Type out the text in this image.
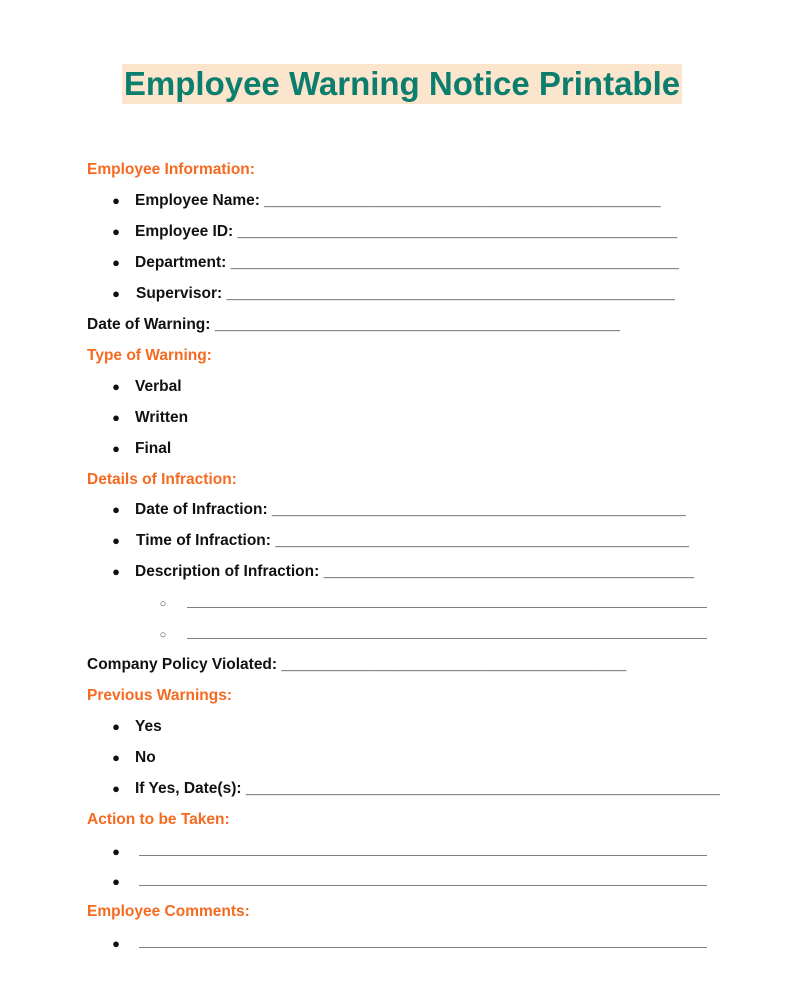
Employee Warning Notice Printable
Employee Information:
● Employee Name: ______________________________________________
● Employee ID: ___________________________________________________
● Department: ____________________________________________________
● Supervisor: ____________________________________________________
Date of Warning: _______________________________________________
Type of Warning:
● Verbal
● Written
● Final
Details of Infraction:
● Date of Infraction: ________________________________________________
● Time of Infraction: ________________________________________________
● Description of Infraction: ___________________________________________
○
○
Company Policy Violated: ________________________________________
Previous Warnings:
● Yes
● No
● If Yes, Date(s): _______________________________________________________
Action to be Taken:
●
●
Employee Comments:
●
